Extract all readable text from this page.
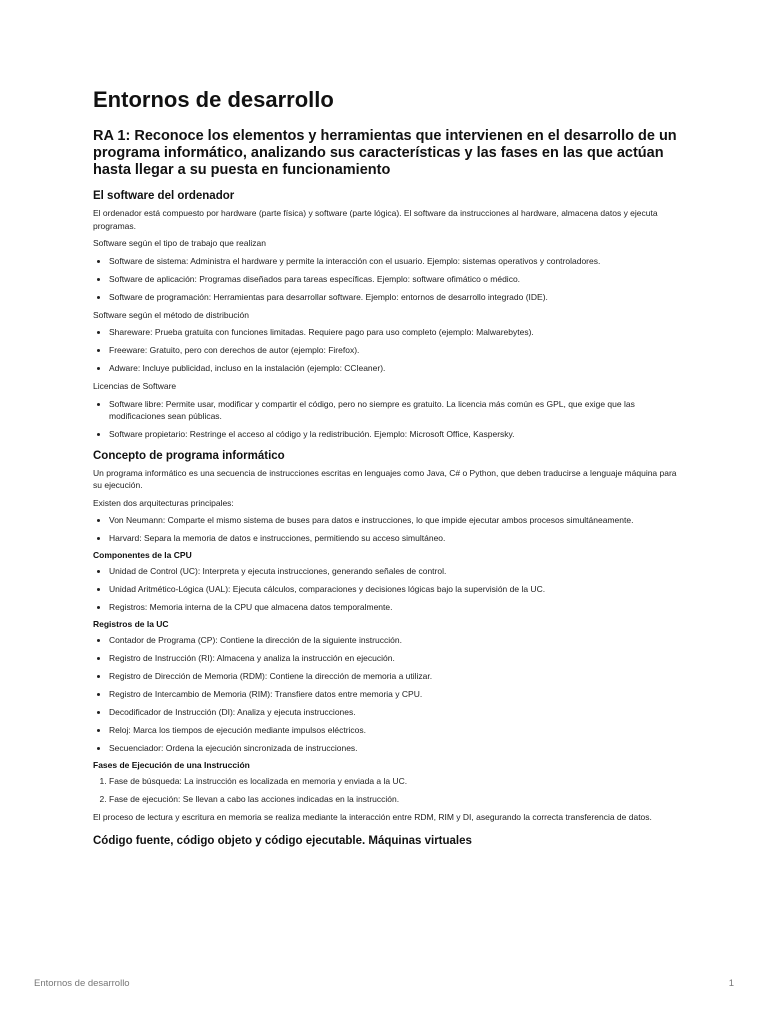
Entornos de desarrollo
RA 1: Reconoce los elementos y herramientas que intervienen en el desarrollo de un programa informático, analizando sus características y las fases en las que actúan hasta llegar a su puesta en funcionamiento
El software del ordenador

El ordenador está compuesto por hardware (parte física) y software (parte lógica). El software da instrucciones al hardware, almacena datos y ejecuta programas.

Software según el tipo de trabajo que realizan

• Software de sistema: Administra el hardware y permite la interacción con el usuario. Ejemplo: sistemas operativos y controladores.
• Software de aplicación: Programas diseñados para tareas específicas. Ejemplo: software ofimático o médico.
• Software de programación: Herramientas para desarrollar software. Ejemplo: entornos de desarrollo integrado (IDE).

Software según el método de distribución

• Shareware: Prueba gratuita con funciones limitadas. Requiere pago para uso completo (ejemplo: Malwarebytes).
• Freeware: Gratuito, pero con derechos de autor (ejemplo: Firefox).
• Adware: Incluye publicidad, incluso en la instalación (ejemplo: CCleaner).

Licencias de Software

• Software libre: Permite usar, modificar y compartir el código, pero no siempre es gratuito. La licencia más común es GPL, que exige que las modificaciones sean públicas.
• Software propietario: Restringe el acceso al código y la redistribución. Ejemplo: Microsoft Office, Kaspersky.
Concepto de programa informático

Un programa informático es una secuencia de instrucciones escritas en lenguajes como Java, C# o Python, que deben traducirse a lenguaje máquina para su ejecución.

Existen dos arquitecturas principales:

• Von Neumann: Comparte el mismo sistema de buses para datos e instrucciones, lo que impide ejecutar ambos procesos simultáneamente.
• Harvard: Separa la memoria de datos e instrucciones, permitiendo su acceso simultáneo.
Componentes de la CPU
• Unidad de Control (UC): Interpreta y ejecuta instrucciones, generando señales de control.
• Unidad Aritmético-Lógica (UAL): Ejecuta cálculos, comparaciones y decisiones lógicas bajo la supervisión de la UC.
• Registros: Memoria interna de la CPU que almacena datos temporalmente.
Registros de la UC
• Contador de Programa (CP): Contiene la dirección de la siguiente instrucción.
• Registro de Instrucción (RI): Almacena y analiza la instrucción en ejecución.
• Registro de Dirección de Memoria (RDM): Contiene la dirección de memoria a utilizar.
• Registro de Intercambio de Memoria (RIM): Transfiere datos entre memoria y CPU.
• Decodificador de Instrucción (DI): Analiza y ejecuta instrucciones.
• Reloj: Marca los tiempos de ejecución mediante impulsos eléctricos.
• Secuenciador: Ordena la ejecución sincronizada de instrucciones.
Fases de Ejecución de una Instrucción
1. Fase de búsqueda: La instrucción es localizada en memoria y enviada a la UC.
2. Fase de ejecución: Se llevan a cabo las acciones indicadas en la instrucción.

El proceso de lectura y escritura en memoria se realiza mediante la interacción entre RDM, RIM y DI, asegurando la correcta transferencia de datos.

Código fuente, código objeto y código ejecutable. Máquinas virtuales
Entornos de desarrollo	1
